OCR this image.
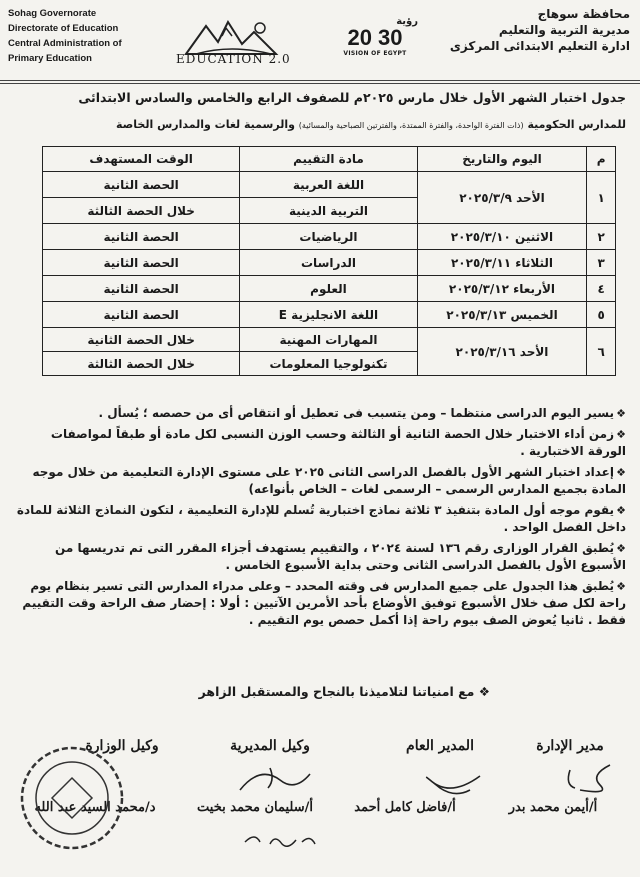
Sohag Governorate
Directorate of Education
Central Administration of
Primary Education	EDUCATION 2.0
رؤية
20 30
VISION OF EGYPT
محافظة سوهاج
مديرية التربية والتعليم
ادارة التعليم الابتدائى المركزى
جدول اختبار الشهر الأول خلال مارس ٢٠٢٥م للصفوف الرابع والخامس والسادس الابتدائى
للمدارس الحكومية (ذات الفترة الواحدة، والفترة الممتدة، والفترتين الصباحية والمسائية) والرسمية لغات والمدارس الخاصة
م	اليوم والتاريخ	مادة التقييم	الوقت المستهدف
١	الأحد ٢٠٢٥/٣/٩	اللغة العربية	الحصة الثانية
		التربية الدينية	خلال الحصة الثالثة
٢	الاثنين ٢٠٢٥/٣/١٠	الرياضيات	الحصة الثانية
٣	الثلاثاء ٢٠٢٥/٣/١١	الدراسات	الحصة الثانية
٤	الأربعاء ٢٠٢٥/٣/١٢	العلوم	الحصة الثانية
٥	الخميس ٢٠٢٥/٣/١٣	اللغة الانجليزية E	الحصة الثانية
٦	الأحد ٢٠٢٥/٣/١٦	المهارات المهنية	خلال الحصة الثانية
		تكنولوجيا المعلومات	خلال الحصة الثالثة
❖يسير اليوم الدراسى منتظما – ومن يتسبب فى تعطيل أو انتقاص أى من حصصه ؛ يُسأل .
❖زمن أداء الاختبار خلال الحصة الثانية أو الثالثة وحسب الوزن النسبى لكل مادة أو طبقاً لمواصفات الورقة الاختبارية .
❖إعداد اختبار الشهر الأول بالفصل الدراسى الثانى ٢٠٢٥ على مستوى الإدارة التعليمية من خلال موجه المادة بجميع المدارس الرسمى – الرسمى لغات – الخاص بأنواعه)
❖يقوم موجه أول المادة بتنفيذ ٣ ثلاثة نماذج اختبارية تُسلم للإدارة التعليمية ، لتكون النماذج الثلاثة للمادة داخل الفصل الواحد .
❖يُطبق القرار الوزارى رقم ١٣٦ لسنة ٢٠٢٤ ، والتقييم يستهدف أجزاء المقرر التى تم تدريسها من الأسبوع الأول بالفصل الدراسى الثانى وحتى بداية الأسبوع الخامس .
❖يُطبق هذا الجدول على جميع المدارس فى وقته المحدد – وعلى مدراء المدارس التى تسير بنظام يوم راحة لكل صف خلال الأسبوع توفيق الأوضاع بأحد الأمرين الآتيين : أولا : إحضار صف الراحة وقت التقييم فقط . ثانيا يُعوض الصف بيوم راحة إذا أكمل حصص يوم التقييم .
❖ مع امنياتنا لتلاميذنا بالنجاح والمستقبل الزاهر
مدير الإدارة
المدير العام
وكيل المديرية
وكيل الوزارة
أ/أيمن محمد بدر
أ/فاضل كامل أحمد
أ/سليمان محمد بخيت
د/محمد السيد عبد الله
